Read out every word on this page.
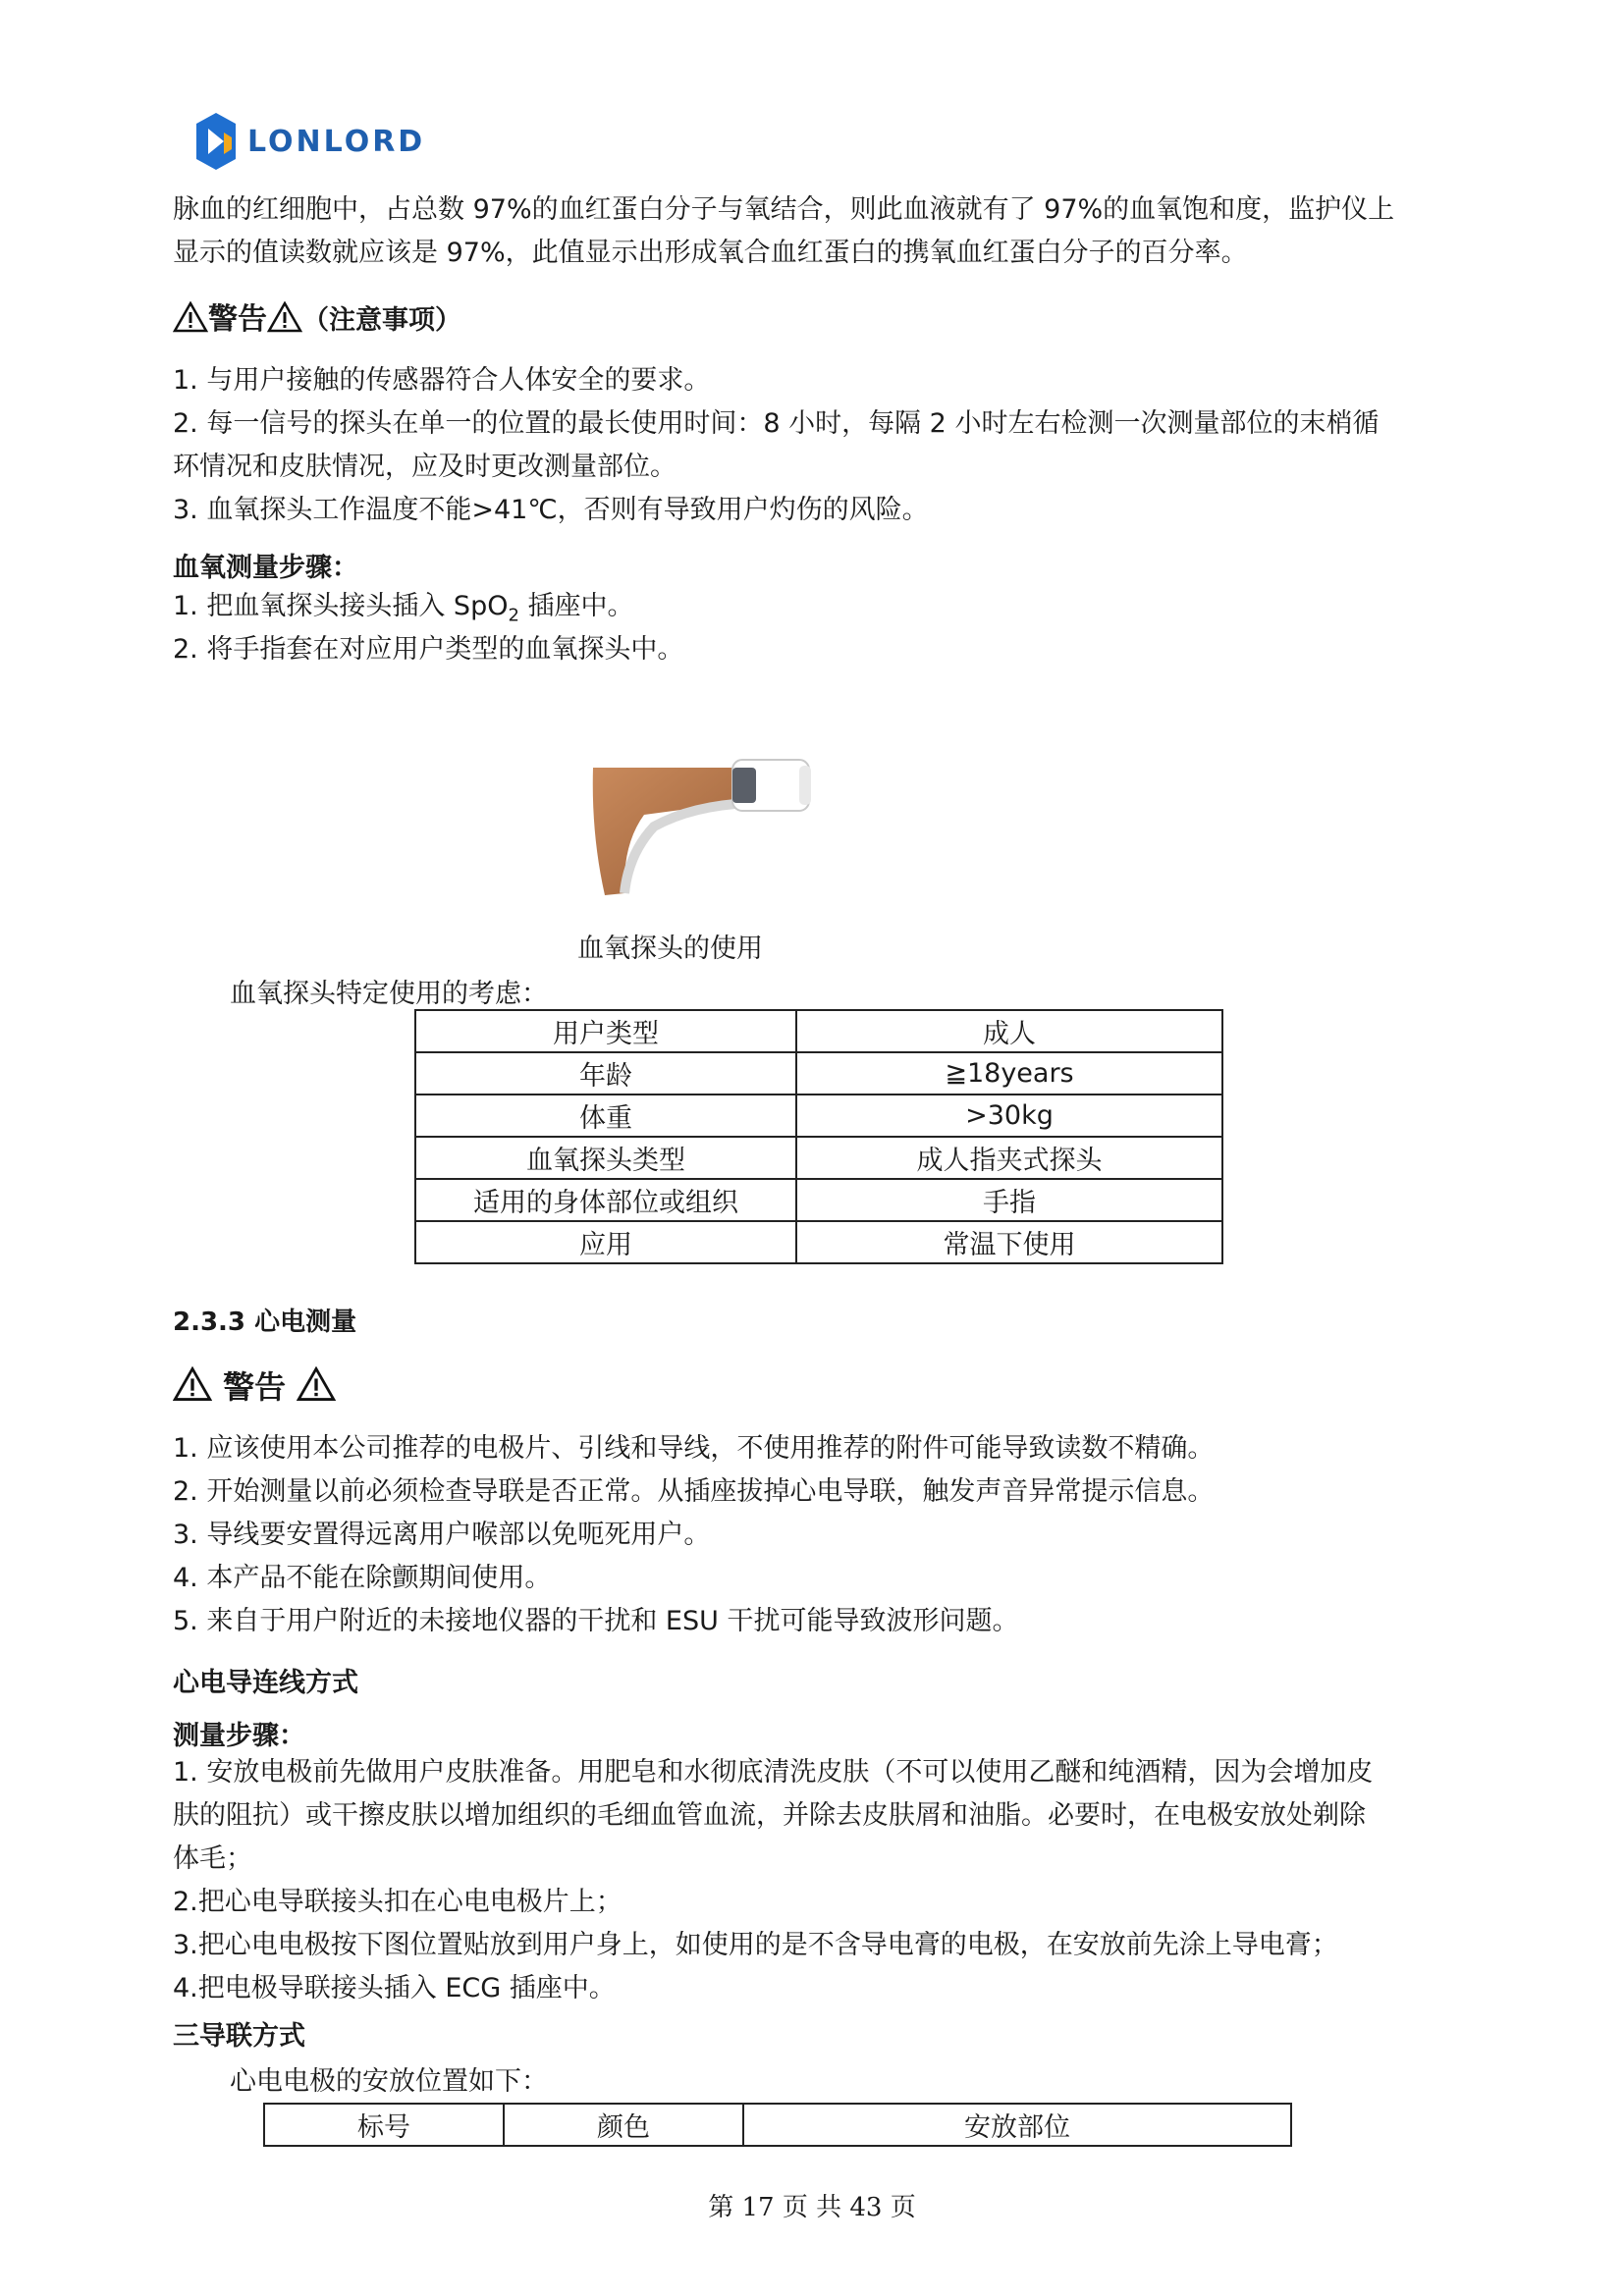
LONLORD
脉血的红细胞中，占总数 97%的血红蛋白分子与氧结合，则此血液就有了 97%的血氧饱和度，监护仪上
显示的值读数就应该是 97%，此值显示出形成氧合血红蛋白的携氧血红蛋白分子的百分率。
警告 （注意事项）
1. 与用户接触的传感器符合人体安全的要求。
2. 每一信号的探头在单一的位置的最长使用时间：8 小时，每隔 2 小时左右检测一次测量部位的末梢循
环情况和皮肤情况，应及时更改测量部位。
3. 血氧探头工作温度不能>41℃，否则有导致用户灼伤的风险。
血氧测量步骤：
1. 把血氧探头接头插入 SpO$_2$ 插座中。
2. 将手指套在对应用户类型的血氧探头中。
血氧探头的使用
血氧探头特定使用的考虑：
用户类型	成人
年龄	≧18years
体重	>30kg
血氧探头类型	成人指夹式探头
适用的身体部位或组织	手指
应用	常温下使用
2.3.3 心电测量
警告
1. 应该使用本公司推荐的电极片、引线和导线，不使用推荐的附件可能导致读数不精确。
2. 开始测量以前必须检查导联是否正常。从插座拔掉心电导联，触发声音异常提示信息。
3. 导线要安置得远离用户喉部以免呃死用户。
4. 本产品不能在除颤期间使用。
5. 来自于用户附近的未接地仪器的干扰和 ESU 干扰可能导致波形问题。
心电导连线方式
测量步骤：
1. 安放电极前先做用户皮肤准备。用肥皂和水彻底清洗皮肤（不可以使用乙醚和纯酒精，因为会增加皮
肤的阻抗）或干擦皮肤以增加组织的毛细血管血流，并除去皮肤屑和油脂。必要时，在电极安放处剃除
体毛；
2.把心电导联接头扣在心电电极片上；
3.把心电电极按下图位置贴放到用户身上，如使用的是不含导电膏的电极，在安放前先涂上导电膏；
4.把电极导联接头插入 ECG 插座中。
三导联方式
心电电极的安放位置如下：
标号	颜色	安放部位
第 17 页 共 43 页
